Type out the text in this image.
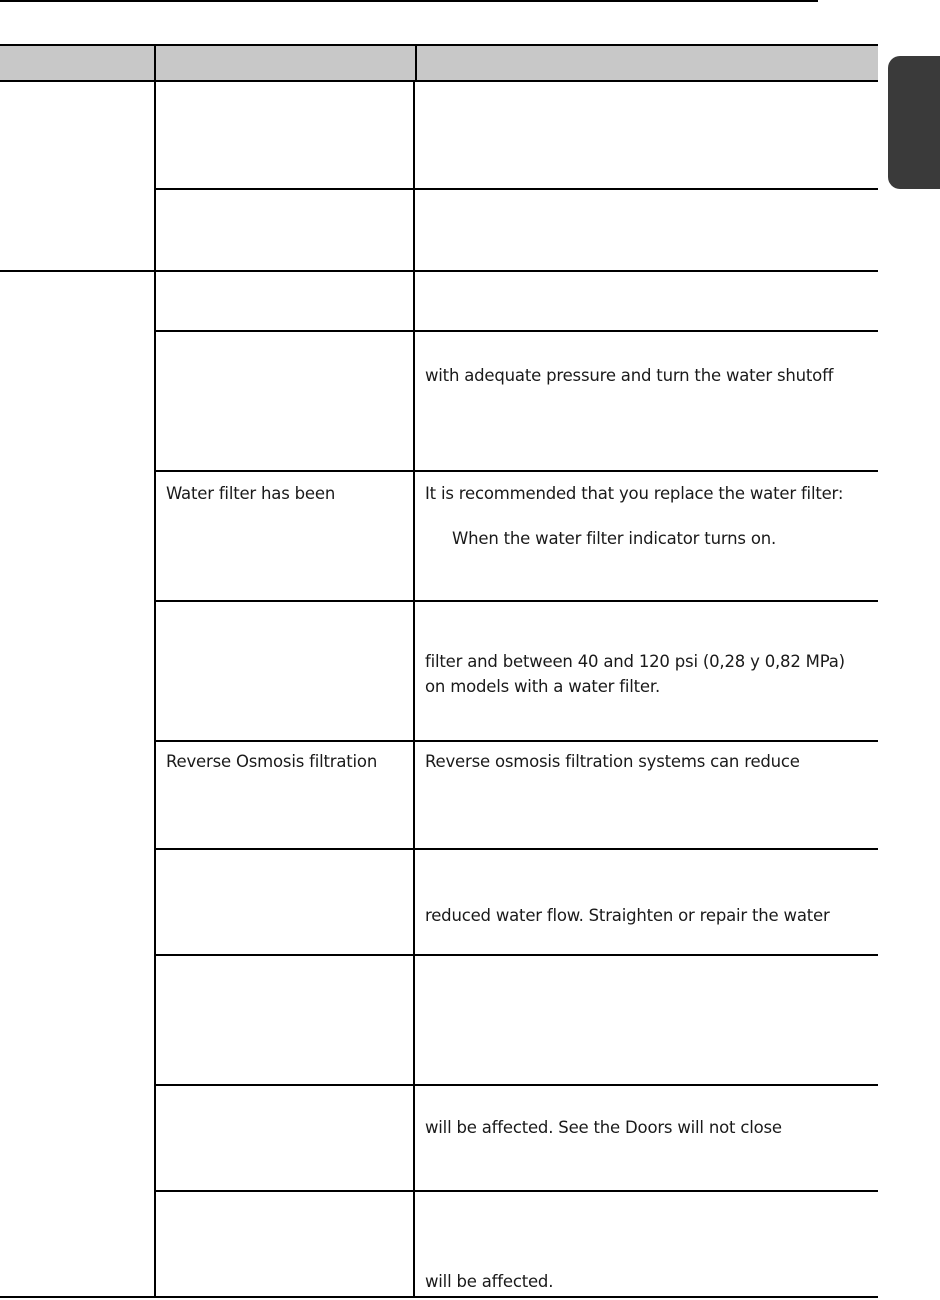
with adequate pressure and turn the water shutoff
Water filter has been	It is recommended that you replace the water filter:
When the water filter indicator turns on.
filter and between 40 and 120 psi (0,28 y 0,82 MPa)
on models with a water filter.
Reverse Osmosis filtration	Reverse osmosis filtration systems can reduce
reduced water flow. Straighten or repair the water
will be affected. See the Doors will not close
will be affected.
